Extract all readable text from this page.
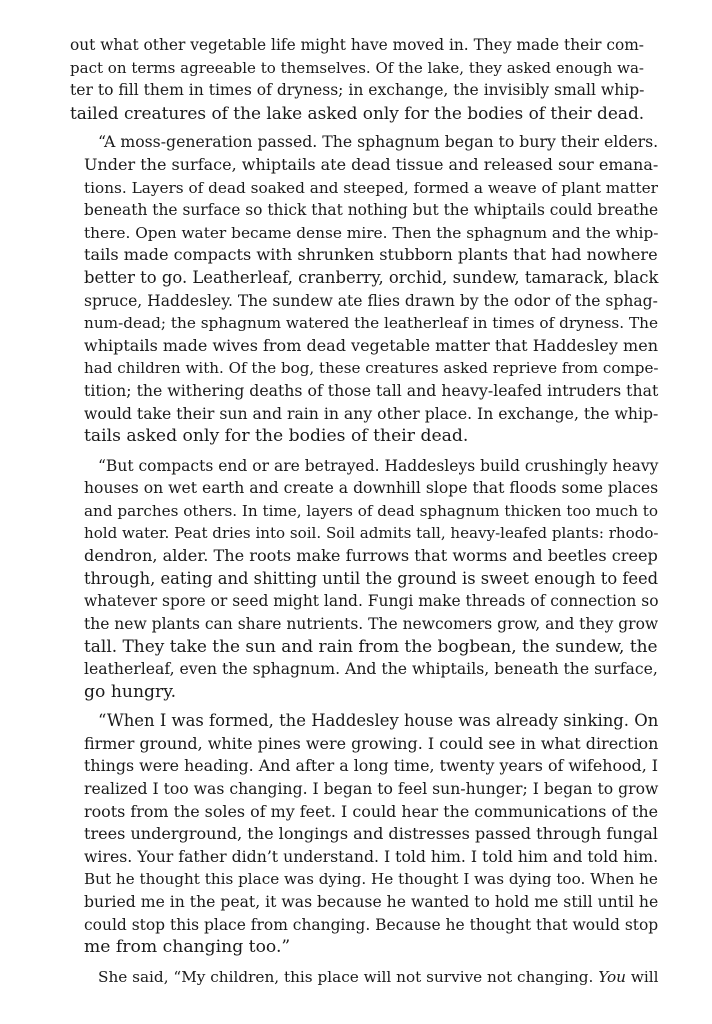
out what other vegetable life might have moved in. They made their com-
pact on terms agreeable to themselves. Of the lake, they asked enough wa-
ter to fill them in times of dryness; in exchange, the invisibly small whip-
tailed creatures of the lake asked only for the bodies of their dead.

“A moss-generation passed. The sphagnum began to bury their elders.
Under the surface, whiptails ate dead tissue and released sour emana-
tions. Layers of dead soaked and steeped, formed a weave of plant matter
beneath the surface so thick that nothing but the whiptails could breathe
there. Open water became dense mire. Then the sphagnum and the whip-
tails made compacts with shrunken stubborn plants that had nowhere
better to go. Leatherleaf, cranberry, orchid, sundew, tamarack, black
spruce, Haddesley. The sundew ate flies drawn by the odor of the sphag-
num-dead; the sphagnum watered the leatherleaf in times of dryness. The
whiptails made wives from dead vegetable matter that Haddesley men
had children with. Of the bog, these creatures asked reprieve from compe-
tition; the withering deaths of those tall and heavy-leafed intruders that
would take their sun and rain in any other place. In exchange, the whip-
tails asked only for the bodies of their dead.

“But compacts end or are betrayed. Haddesleys build crushingly heavy
houses on wet earth and create a downhill slope that floods some places
and parches others. In time, layers of dead sphagnum thicken too much to
hold water. Peat dries into soil. Soil admits tall, heavy-leafed plants: rhodo-
dendron, alder. The roots make furrows that worms and beetles creep
through, eating and shitting until the ground is sweet enough to feed
whatever spore or seed might land. Fungi make threads of connection so
the new plants can share nutrients. The newcomers grow, and they grow
tall. They take the sun and rain from the bogbean, the sundew, the
leatherleaf, even the sphagnum. And the whiptails, beneath the surface,
go hungry.

“When I was formed, the Haddesley house was already sinking. On
firmer ground, white pines were growing. I could see in what direction
things were heading. And after a long time, twenty years of wifehood, I
realized I too was changing. I began to feel sun-hunger; I began to grow
roots from the soles of my feet. I could hear the communications of the
trees underground, the longings and distresses passed through fungal
wires. Your father didn’t understand. I told him. I told him and told him.
But he thought this place was dying. He thought I was dying too. When he
buried me in the peat, it was because he wanted to hold me still until he
could stop this place from changing. Because he thought that would stop
me from changing too.”

She said, “My children, this place will not survive not changing. You will
